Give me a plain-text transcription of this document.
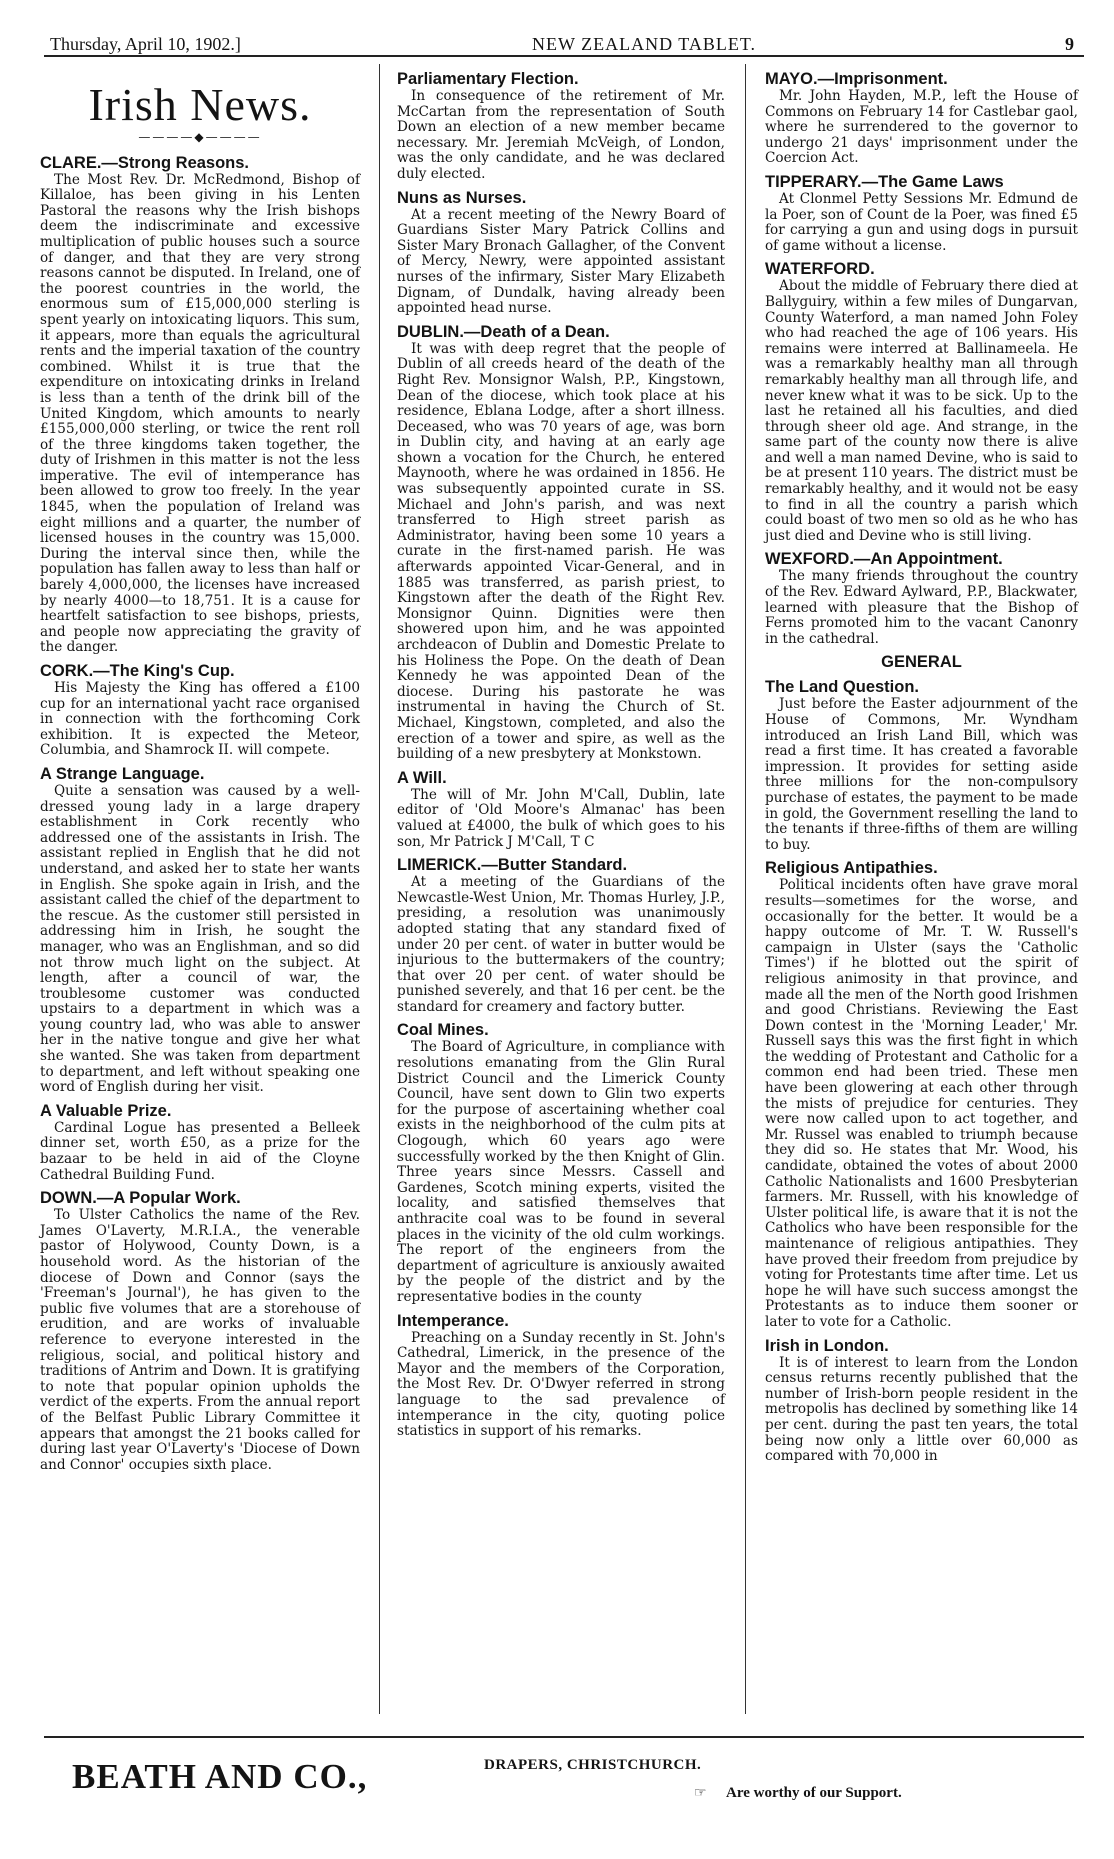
Thursday, April 10, 1902.]	NEW ZEALAND TABLET.	9
Irish News.
————◆————
CLARE.—Strong Reasons.

The Most Rev. Dr. McRedmond, Bishop of Killaloe, has been giving in his Lenten Pastoral the reasons why the Irish bishops deem the indiscriminate and excessive multiplication of public houses such a source of danger, and that they are very strong reasons cannot be disputed. In Ireland, one of the poorest countries in the world, the enormous sum of £15,000,000 sterling is spent yearly on intoxicating liquors. This sum, it appears, more than equals the agricultural rents and the imperial taxation of the country combined. Whilst it is true that the expenditure on intoxicating drinks in Ireland is less than a tenth of the drink bill of the United Kingdom, which amounts to nearly £155,000,000 sterling, or twice the rent roll of the three kingdoms taken together, the duty of Irishmen in this matter is not the less imperative. The evil of intemperance has been allowed to grow too freely. In the year 1845, when the population of Ireland was eight millions and a quarter, the number of licensed houses in the country was 15,000. During the interval since then, while the population has fallen away to less than half or barely 4,000,000, the licenses have increased by nearly 4000—to 18,751. It is a cause for heartfelt satisfaction to see bishops, priests, and people now appreciating the gravity of the danger.

CORK.—The King's Cup.

His Majesty the King has offered a £100 cup for an international yacht race organised in connection with the forthcoming Cork exhibition. It is expected the Meteor, Columbia, and Shamrock II. will compete.

A Strange Language.

Quite a sensation was caused by a well-dressed young lady in a large drapery establishment in Cork recently who addressed one of the assistants in Irish. The assistant replied in English that he did not understand, and asked her to state her wants in English. She spoke again in Irish, and the assistant called the chief of the department to the rescue. As the customer still persisted in addressing him in Irish, he sought the manager, who was an Englishman, and so did not throw much light on the subject. At length, after a council of war, the troublesome customer was conducted upstairs to a department in which was a young country lad, who was able to answer her in the native tongue and give her what she wanted. She was taken from department to department, and left without speaking one word of English during her visit.

A Valuable Prize.

Cardinal Logue has presented a Belleek dinner set, worth £50, as a prize for the bazaar to be held in aid of the Cloyne Cathedral Building Fund.

DOWN.—A Popular Work.

To Ulster Catholics the name of the Rev. James O'Laverty, M.R.I.A., the venerable pastor of Holywood, County Down, is a household word. As the historian of the diocese of Down and Connor (says the 'Freeman's Journal'), he has given to the public five volumes that are a storehouse of erudition, and are works of invaluable reference to everyone interested in the religious, social, and political history and traditions of Antrim and Down. It is gratifying to note that popular opinion upholds the verdict of the experts. From the annual report of the Belfast Public Library Committee it appears that amongst the 21 books called for during last year O'Laverty's 'Diocese of Down and Connor' occupies sixth place.

Parliamentary Flection.

In consequence of the retirement of Mr. McCartan from the representation of South Down an election of a new member became necessary. Mr. Jeremiah McVeigh, of London, was the only candidate, and he was declared duly elected.

Nuns as Nurses.

At a recent meeting of the Newry Board of Guardians Sister Mary Patrick Collins and Sister Mary Bronach Gallagher, of the Convent of Mercy, Newry, were appointed assistant nurses of the infirmary, Sister Mary Elizabeth Dignam, of Dundalk, having already been appointed head nurse.

DUBLIN.—Death of a Dean.

It was with deep regret that the people of Dublin of all creeds heard of the death of the Right Rev. Monsignor Walsh, P.P., Kingstown, Dean of the diocese, which took place at his residence, Eblana Lodge, after a short illness. Deceased, who was 70 years of age, was born in Dublin city, and having at an early age shown a vocation for the Church, he entered Maynooth, where he was ordained in 1856. He was subsequently appointed curate in SS. Michael and John's parish, and was next transferred to High street parish as Administrator, having been some 10 years a curate in the first-named parish. He was afterwards appointed Vicar-General, and in 1885 was transferred, as parish priest, to Kingstown after the death of the Right Rev. Monsignor Quinn. Dignities were then showered upon him, and he was appointed archdeacon of Dublin and Domestic Prelate to his Holiness the Pope. On the death of Dean Kennedy he was appointed Dean of the diocese. During his pastorate he was instrumental in having the Church of St. Michael, Kingstown, completed, and also the erection of a tower and spire, as well as the building of a new presbytery at Monkstown.

A Will.

The will of Mr. John M'Call, Dublin, late editor of 'Old Moore's Almanac' has been valued at £4000, the bulk of which goes to his son, Mr Patrick J M'Call, T C

LIMERICK.—Butter Standard.

At a meeting of the Guardians of the Newcastle-West Union, Mr. Thomas Hurley, J.P., presiding, a resolution was unanimously adopted stating that any standard fixed of under 20 per cent. of water in butter would be injurious to the buttermakers of the country; that over 20 per cent. of water should be punished severely, and that 16 per cent. be the standard for creamery and factory butter.

Coal Mines.

The Board of Agriculture, in compliance with resolutions emanating from the Glin Rural District Council and the Limerick County Council, have sent down to Glin two experts for the purpose of ascertaining whether coal exists in the neighborhood of the culm pits at Clogough, which 60 years ago were successfully worked by the then Knight of Glin. Three years since Messrs. Cassell and Gardenes, Scotch mining experts, visited the locality, and satisfied themselves that anthracite coal was to be found in several places in the vicinity of the old culm workings. The report of the engineers from the department of agriculture is anxiously awaited by the people of the district and by the representative bodies in the county

Intemperance.

Preaching on a Sunday recently in St. John's Cathedral, Limerick, in the presence of the Mayor and the members of the Corporation, the Most Rev. Dr. O'Dwyer referred in strong language to the sad prevalence of intemperance in the city, quoting police statistics in support of his remarks.

MAYO.—Imprisonment.

Mr. John Hayden, M.P., left the House of Commons on February 14 for Castlebar gaol, where he surrendered to the governor to undergo 21 days' imprisonment under the Coercion Act.

TIPPERARY.—The Game Laws

At Clonmel Petty Sessions Mr. Edmund de la Poer, son of Count de la Poer, was fined £5 for carrying a gun and using dogs in pursuit of game without a license.

WATERFORD.

About the middle of February there died at Ballyguiry, within a few miles of Dungarvan, County Waterford, a man named John Foley who had reached the age of 106 years. His remains were interred at Ballinameela. He was a remarkably healthy man all through remarkably healthy man all through life, and never knew what it was to be sick. Up to the last he retained all his faculties, and died through sheer old age. And strange, in the same part of the county now there is alive and well a man named Devine, who is said to be at present 110 years. The district must be remarkably healthy, and it would not be easy to find in all the country a parish which could boast of two men so old as he who has just died and Devine who is still living.

WEXFORD.—An Appointment.

The many friends throughout the country of the Rev. Edward Aylward, P.P., Blackwater, learned with pleasure that the Bishop of Ferns promoted him to the vacant Canonry in the cathedral.

GENERAL
The Land Question.

Just before the Easter adjournment of the House of Commons, Mr. Wyndham introduced an Irish Land Bill, which was read a first time. It has created a favorable impression. It provides for setting aside three millions for the non-compulsory purchase of estates, the payment to be made in gold, the Government reselling the land to the tenants if three-fifths of them are willing to buy.

Religious Antipathies.

Political incidents often have grave moral results—sometimes for the worse, and occasionally for the better. It would be a happy outcome of Mr. T. W. Russell's campaign in Ulster (says the 'Catholic Times') if he blotted out the spirit of religious animosity in that province, and made all the men of the North good Irishmen and good Christians. Reviewing the East Down contest in the 'Morning Leader,' Mr. Russell says this was the first fight in which the wedding of Protestant and Catholic for a common end had been tried. These men have been glowering at each other through the mists of prejudice for centuries. They were now called upon to act together, and Mr. Russel was enabled to triumph because they did so. He states that Mr. Wood, his candidate, obtained the votes of about 2000 Catholic Nationalists and 1600 Presbyterian farmers. Mr. Russell, with his knowledge of Ulster political life, is aware that it is not the Catholics who have been responsible for the maintenance of religious antipathies. They have proved their freedom from prejudice by voting for Protestants time after time. Let us hope he will have such success amongst the Protestants as to induce them sooner or later to vote for a Catholic.

Irish in London.

It is of interest to learn from the London census returns recently published that the number of Irish-born people resident in the metropolis has declined by something like 14 per cent. during the past ten years, the total being now only a little over 60,000 as compared with 70,000 in

BEATH AND CO.,	DRAPERS, CHRISTCHURCH.
☞ Are worthy of our Support.
